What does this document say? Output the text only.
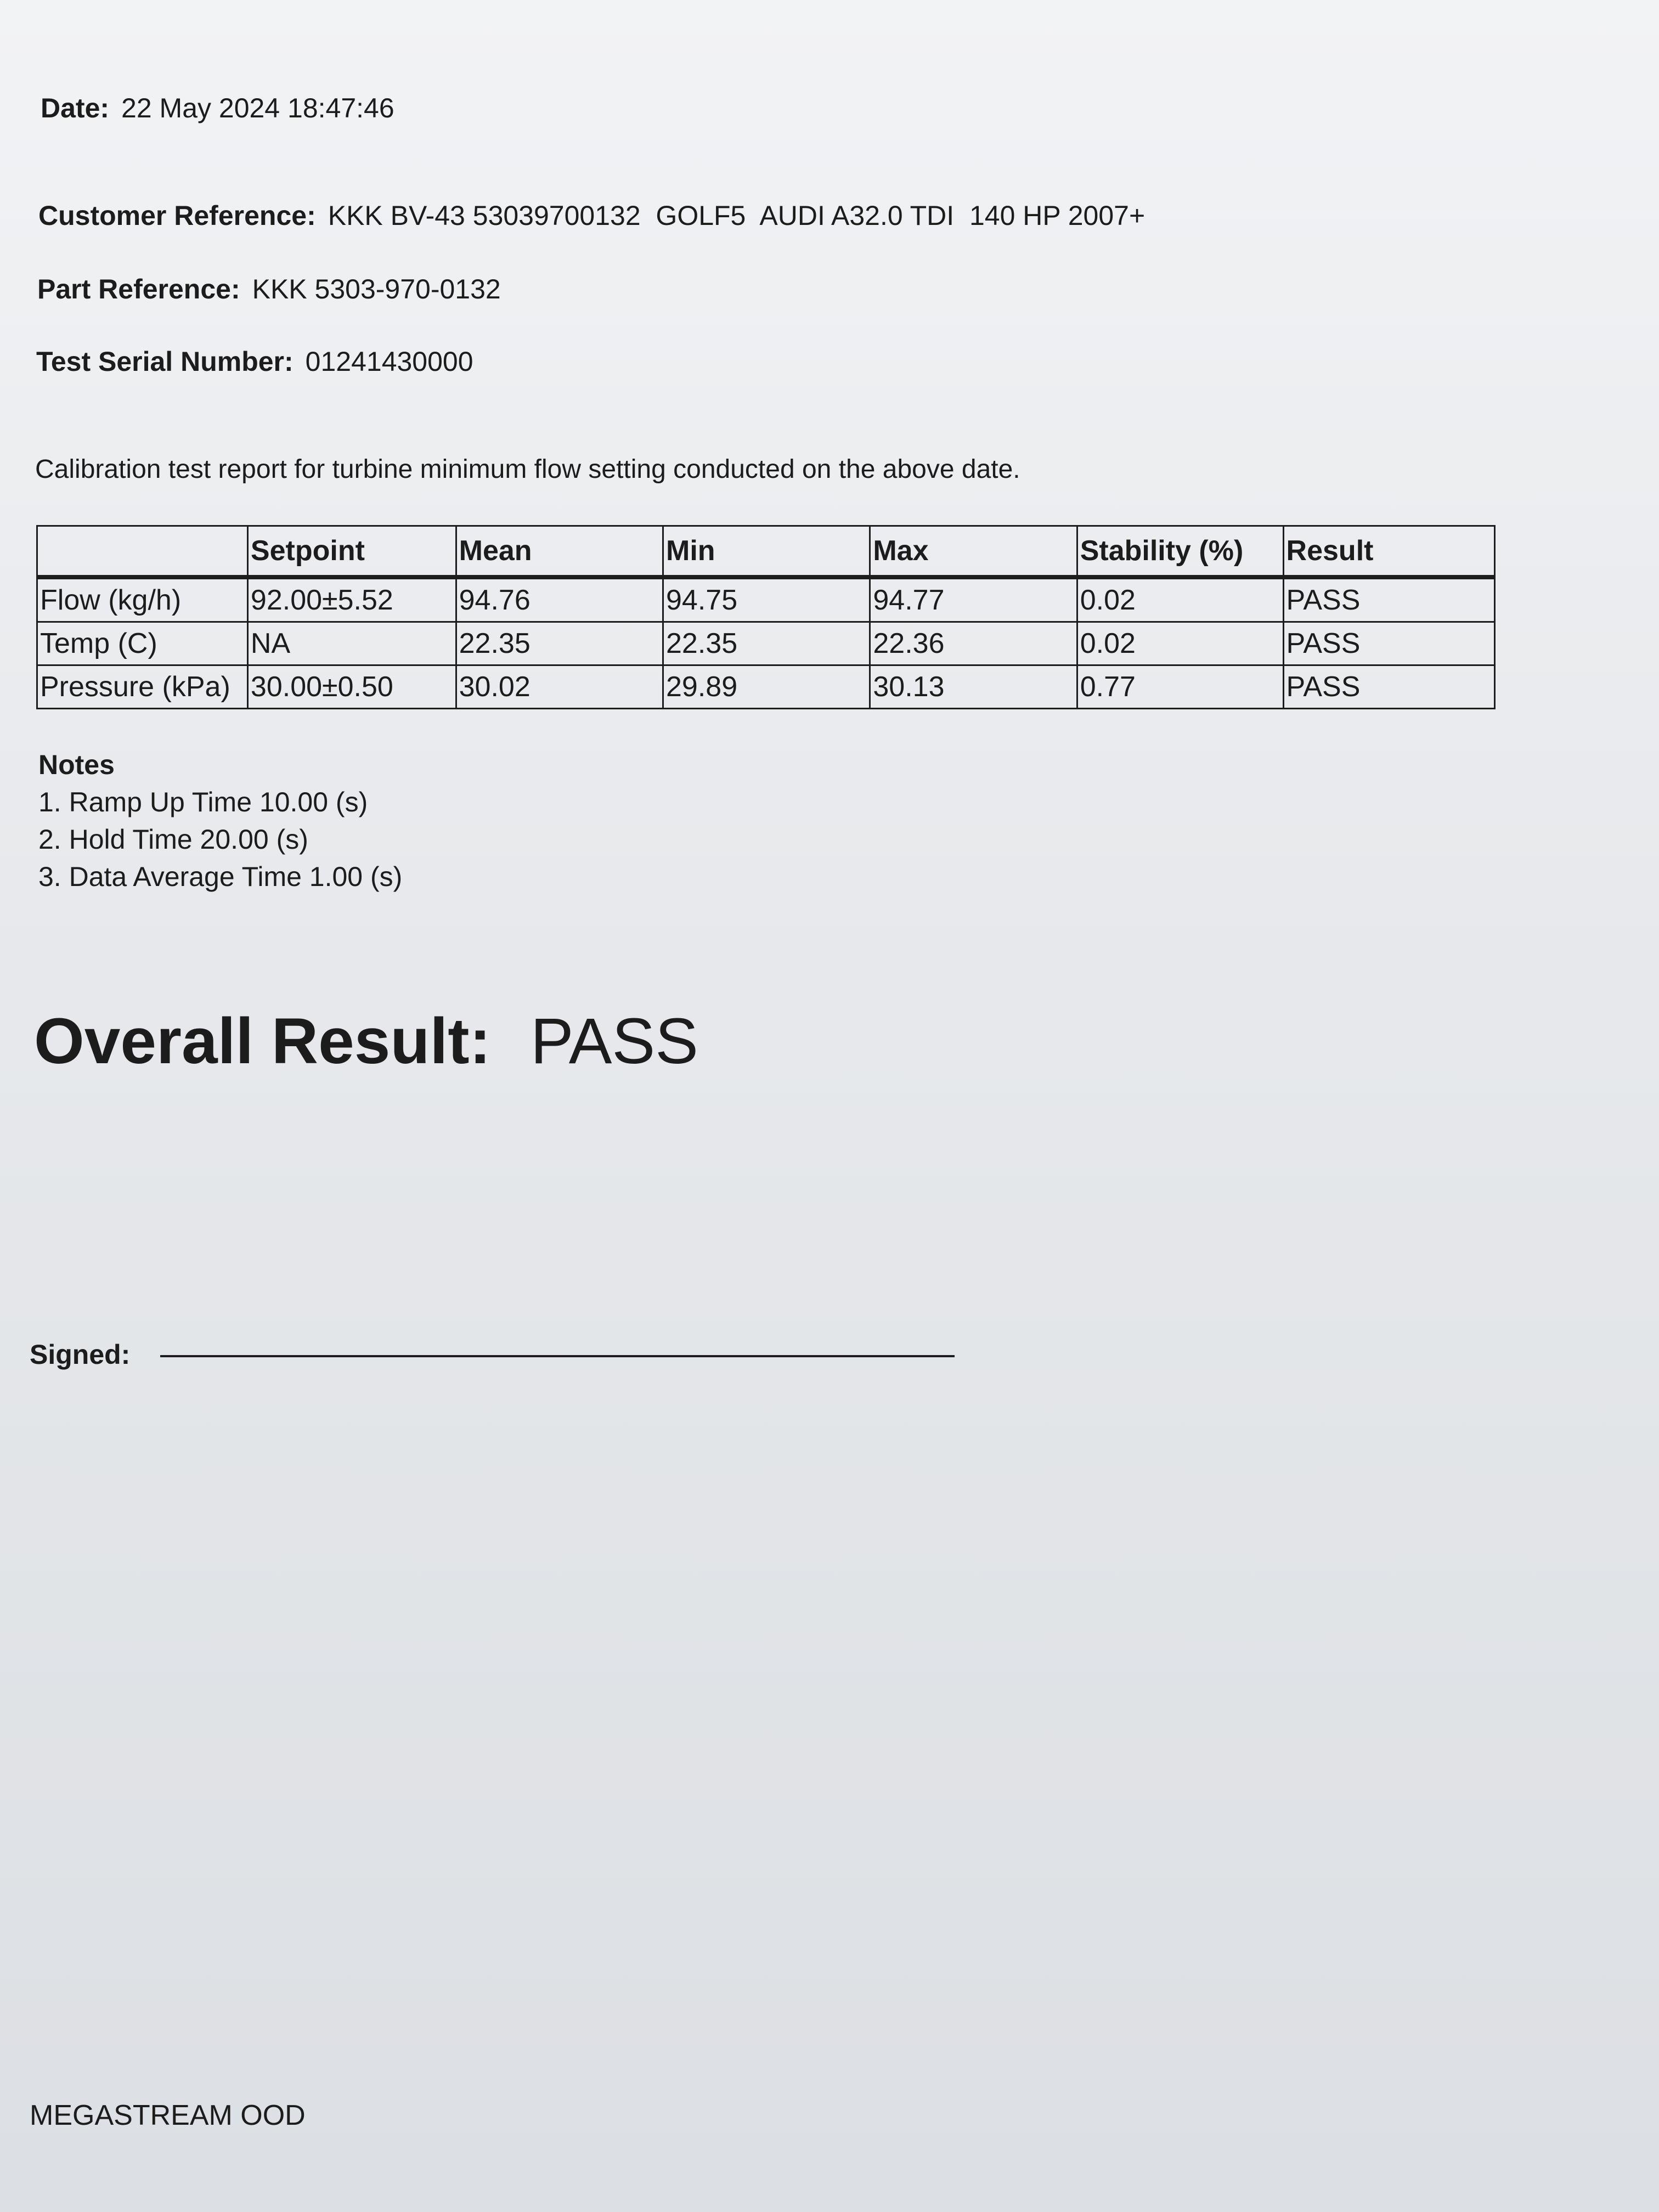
Date: 22 May 2024 18:47:46
Customer Reference: KKK BV-43 53039700132  GOLF5  AUDI A32.0 TDI  140 HP 2007+
Part Reference: KKK 5303-970-0132
Test Serial Number: 01241430000
Calibration test report for turbine minimum flow setting conducted on the above date.
	Setpoint	Mean	Min	Max	Stability (%)	Result
Flow (kg/h)	92.00±5.52	94.76	94.75	94.77	0.02	PASS
Temp (C)	NA	22.35	22.35	22.36	0.02	PASS
Pressure (kPa)	30.00±0.50	30.02	29.89	30.13	0.77	PASS
Notes
1. Ramp Up Time 10.00 (s)
2. Hold Time 20.00 (s)
3. Data Average Time 1.00 (s)
Overall Result: PASS
Signed:
MEGASTREAM OOD
